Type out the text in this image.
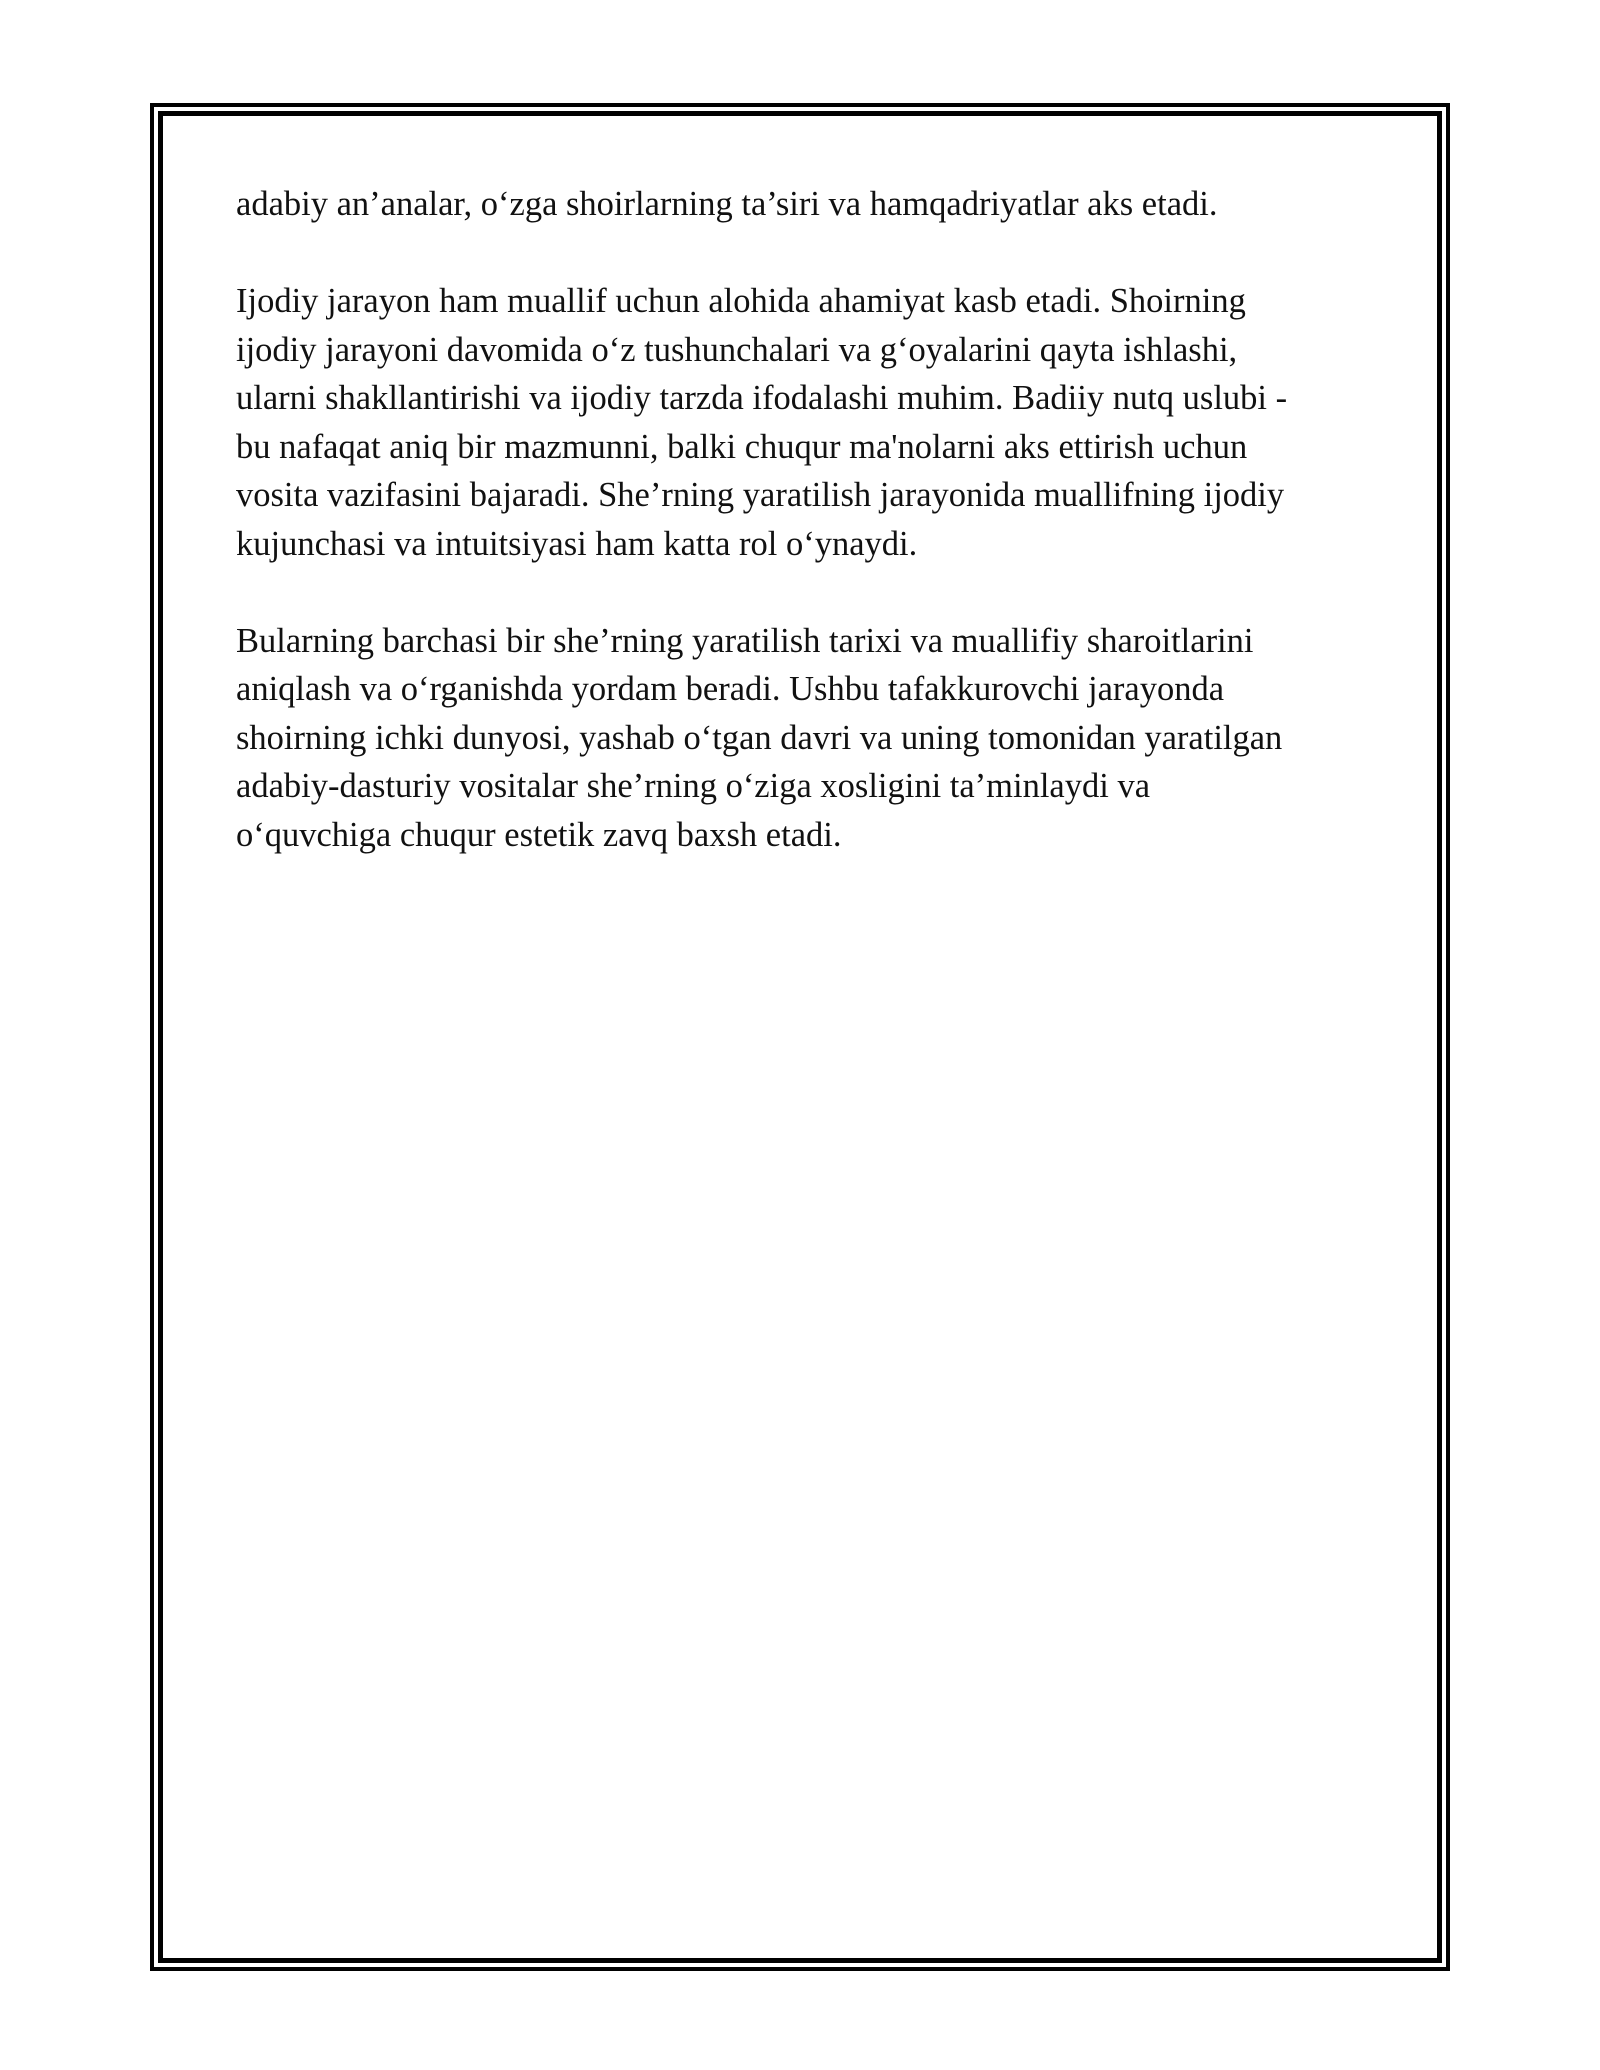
adabiy an’analar, o‘zga shoirlarning ta’siri va hamqadriyatlar aks etadi.

Ijodiy jarayon ham muallif uchun alohida ahamiyat kasb etadi. Shoirning
ijodiy jarayoni davomida o‘z tushunchalari va g‘oyalarini qayta ishlashi,
ularni shakllantirishi va ijodiy tarzda ifodalashi muhim. Badiiy nutq uslubi -
bu nafaqat aniq bir mazmunni, balki chuqur ma'nolarni aks ettirish uchun
vosita vazifasini bajaradi. She’rning yaratilish jarayonida muallifning ijodiy
kujunchasi va intuitsiyasi ham katta rol o‘ynaydi.

Bularning barchasi bir she’rning yaratilish tarixi va muallifiy sharoitlarini
aniqlash va o‘rganishda yordam beradi. Ushbu tafakkurovchi jarayonda
shoirning ichki dunyosi, yashab o‘tgan davri va uning tomonidan yaratilgan
adabiy-dasturiy vositalar she’rning o‘ziga xosligini ta’minlaydi va
o‘quvchiga chuqur estetik zavq baxsh etadi.
